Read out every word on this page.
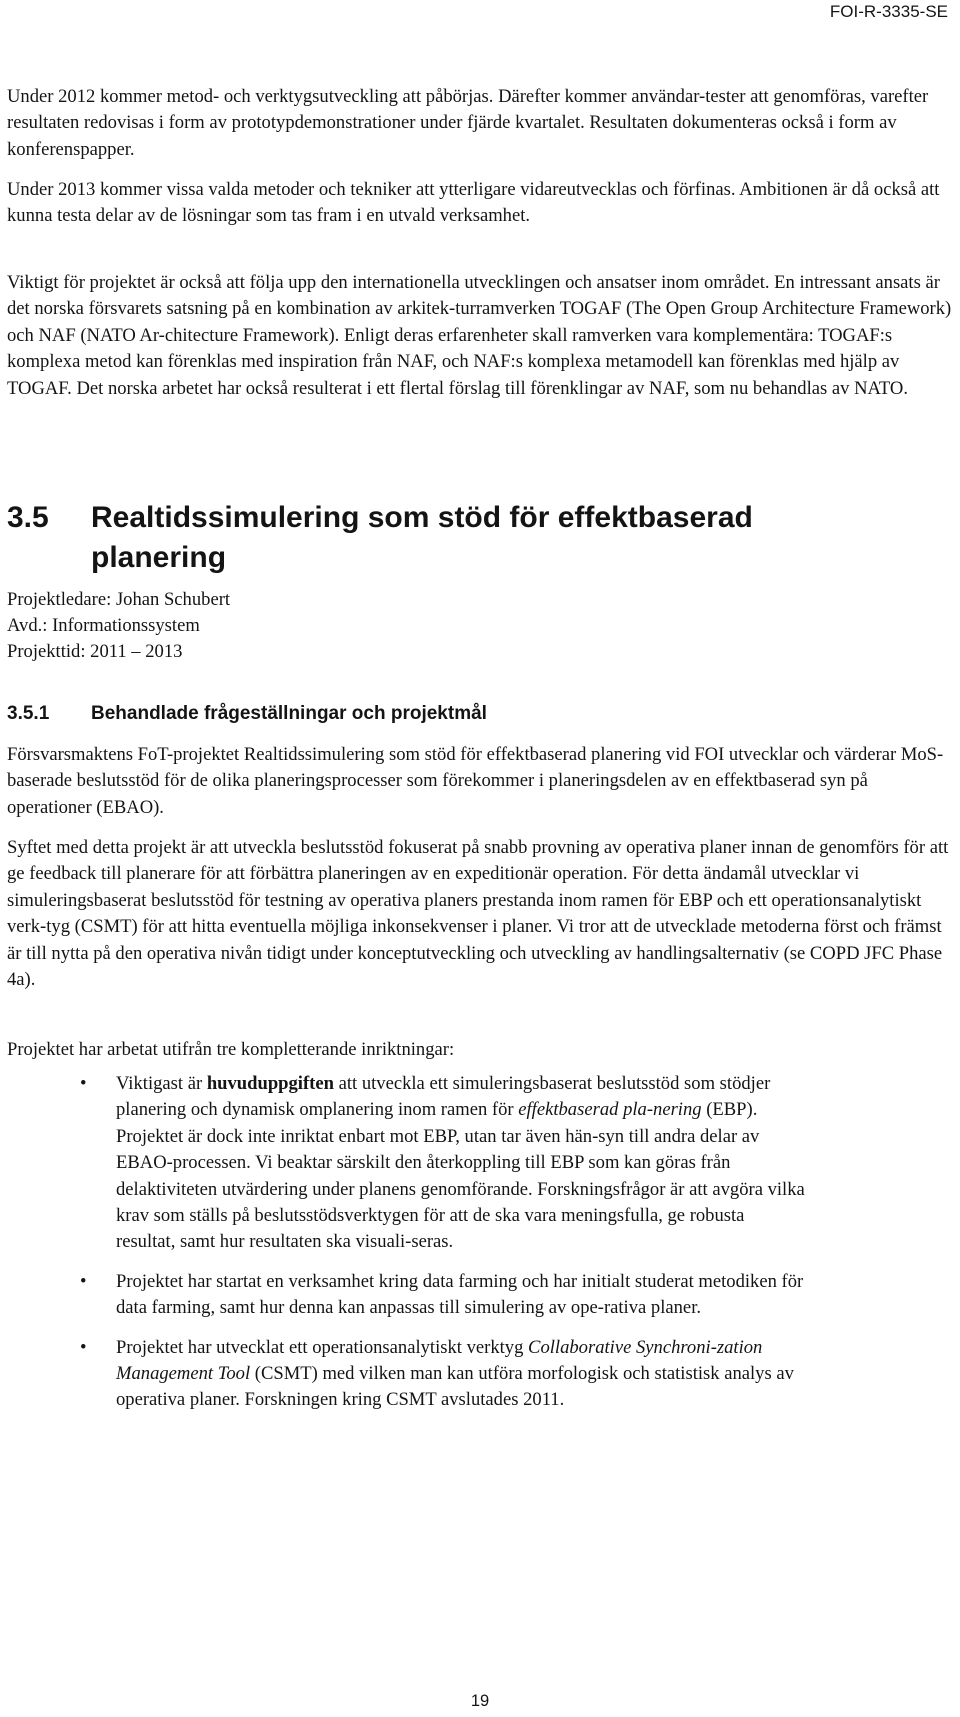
FOI-R-3335-SE

Under 2012 kommer metod- och verktygsutveckling att påbörjas. Därefter kommer användar-tester att genomföras, varefter resultaten redovisas i form av prototypdemonstrationer under fjärde kvartalet. Resultaten dokumenteras också i form av konferenspapper.

Under 2013 kommer vissa valda metoder och tekniker att ytterligare vidareutvecklas och förfinas. Ambitionen är då också att kunna testa delar av de lösningar som tas fram i en utvald verksamhet.

Viktigt för projektet är också att följa upp den internationella utvecklingen och ansatser inom området. En intressant ansats är det norska försvarets satsning på en kombination av arkitek-turramverken TOGAF (The Open Group Architecture Framework) och NAF (NATO Ar-chitecture Framework). Enligt deras erfarenheter skall ramverken vara komplementära: TOGAF:s komplexa metod kan förenklas med inspiration från NAF, och NAF:s komplexa metamodell kan förenklas med hjälp av TOGAF. Det norska arbetet har också resulterat i ett flertal förslag till förenklingar av NAF, som nu behandlas av NATO.

3.5 Realtidssimulering som stöd för effektbaserad planering
Projektledare: Johan Schubert
Avd.: Informationssystem
Projekttid: 2011 – 2013
3.5.1 Behandlade frågeställningar och projektmål

Försvarsmaktens FoT-projektet Realtidssimulering som stöd för effektbaserad planering vid FOI utvecklar och värderar MoS-baserade beslutsstöd för de olika planeringsprocesser som förekommer i planeringsdelen av en effektbaserad syn på operationer (EBAO).

Syftet med detta projekt är att utveckla beslutsstöd fokuserat på snabb provning av operativa planer innan de genomförs för att ge feedback till planerare för att förbättra planeringen av en expeditionär operation. För detta ändamål utvecklar vi simuleringsbaserat beslutsstöd för testning av operativa planers prestanda inom ramen för EBP och ett operationsanalytiskt verk-tyg (CSMT) för att hitta eventuella möjliga inkonsekvenser i planer. Vi tror att de utvecklade metoderna först och främst är till nytta på den operativa nivån tidigt under konceptutveckling och utveckling av handlingsalternativ (se COPD JFC Phase 4a).

Projektet har arbetat utifrån tre kompletterande inriktningar:

• Viktigast är huvuduppgiften att utveckla ett simuleringsbaserat beslutsstöd som stödjer planering och dynamisk omplanering inom ramen för effektbaserad pla-nering (EBP). Projektet är dock inte inriktat enbart mot EBP, utan tar även hän-syn till andra delar av EBAO-processen. Vi beaktar särskilt den återkoppling till EBP som kan göras från delaktiviteten utvärdering under planens genomförande. Forskningsfrågor är att avgöra vilka krav som ställs på beslutsstödsverktygen för att de ska vara meningsfulla, ge robusta resultat, samt hur resultaten ska visuali-seras.
• Projektet har startat en verksamhet kring data farming och har initialt studerat metodiken för data farming, samt hur denna kan anpassas till simulering av ope-rativa planer.
• Projektet har utvecklat ett operationsanalytiskt verktyg Collaborative Synchroni-zation Management Tool (CSMT) med vilken man kan utföra morfologisk och statistisk analys av operativa planer. Forskningen kring CSMT avslutades 2011.
19
